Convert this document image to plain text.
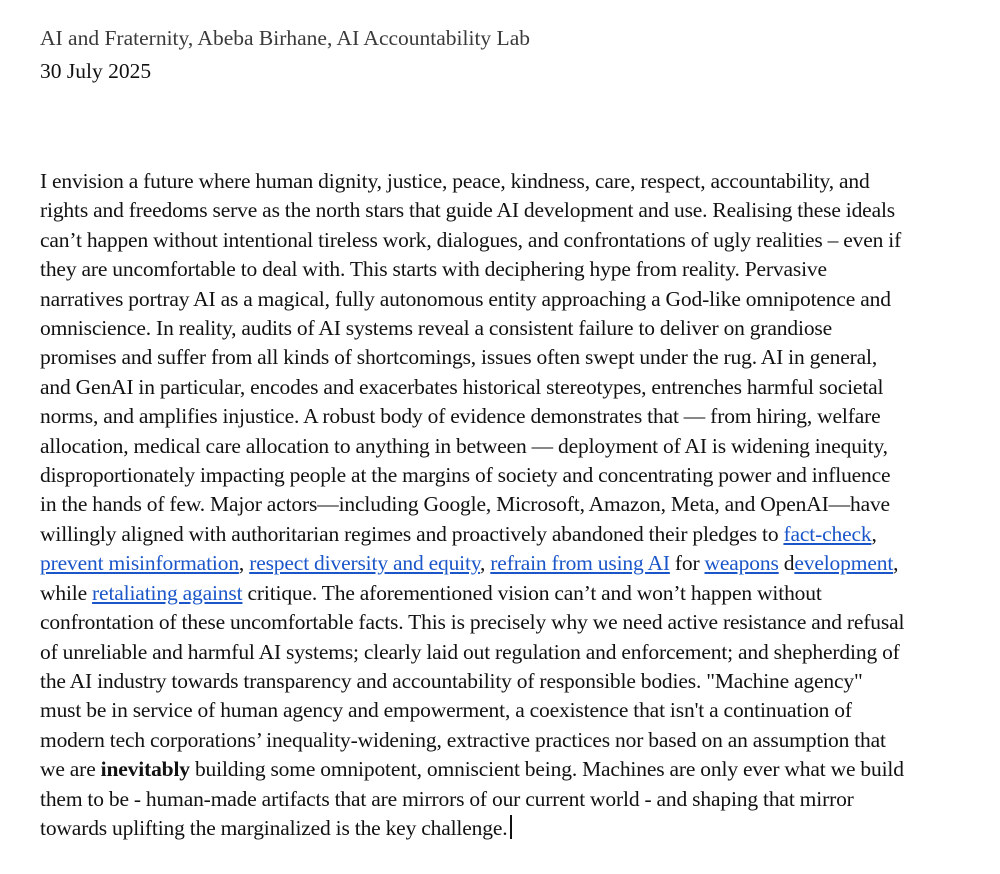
AI and Fraternity, Abeba Birhane, AI Accountability Lab

30 July 2025

I envision a future where human dignity, justice, peace, kindness, care, respect, accountability, and
rights and freedoms serve as the north stars that guide AI development and use. Realising these ideals
can’t happen without intentional tireless work, dialogues, and confrontations of ugly realities – even if
they are uncomfortable to deal with. This starts with deciphering hype from reality. Pervasive
narratives portray AI as a magical, fully autonomous entity approaching a God-like omnipotence and
omniscience. In reality, audits of AI systems reveal a consistent failure to deliver on grandiose
promises and suffer from all kinds of shortcomings, issues often swept under the rug. AI in general,
and GenAI in particular, encodes and exacerbates historical stereotypes, entrenches harmful societal
norms, and amplifies injustice. A robust body of evidence demonstrates that — from hiring, welfare
allocation, medical care allocation to anything in between — deployment of AI is widening inequity,
disproportionately impacting people at the margins of society and concentrating power and influence
in the hands of few. Major actors—including Google, Microsoft, Amazon, Meta, and OpenAI—have
willingly aligned with authoritarian regimes and proactively abandoned their pledges to fact-check,
prevent misinformation, respect diversity and equity, refrain from using AI for weapons development,
while retaliating against critique. The aforementioned vision can’t and won’t happen without
confrontation of these uncomfortable facts. This is precisely why we need active resistance and refusal
of unreliable and harmful AI systems; clearly laid out regulation and enforcement; and shepherding of
the AI industry towards transparency and accountability of responsible bodies. "Machine agency"
must be in service of human agency and empowerment, a coexistence that isn't a continuation of
modern tech corporations’ inequality-widening, extractive practices nor based on an assumption that
we are inevitably building some omnipotent, omniscient being. Machines are only ever what we build
them to be - human-made artifacts that are mirrors of our current world - and shaping that mirror
towards uplifting the marginalized is the key challenge.
